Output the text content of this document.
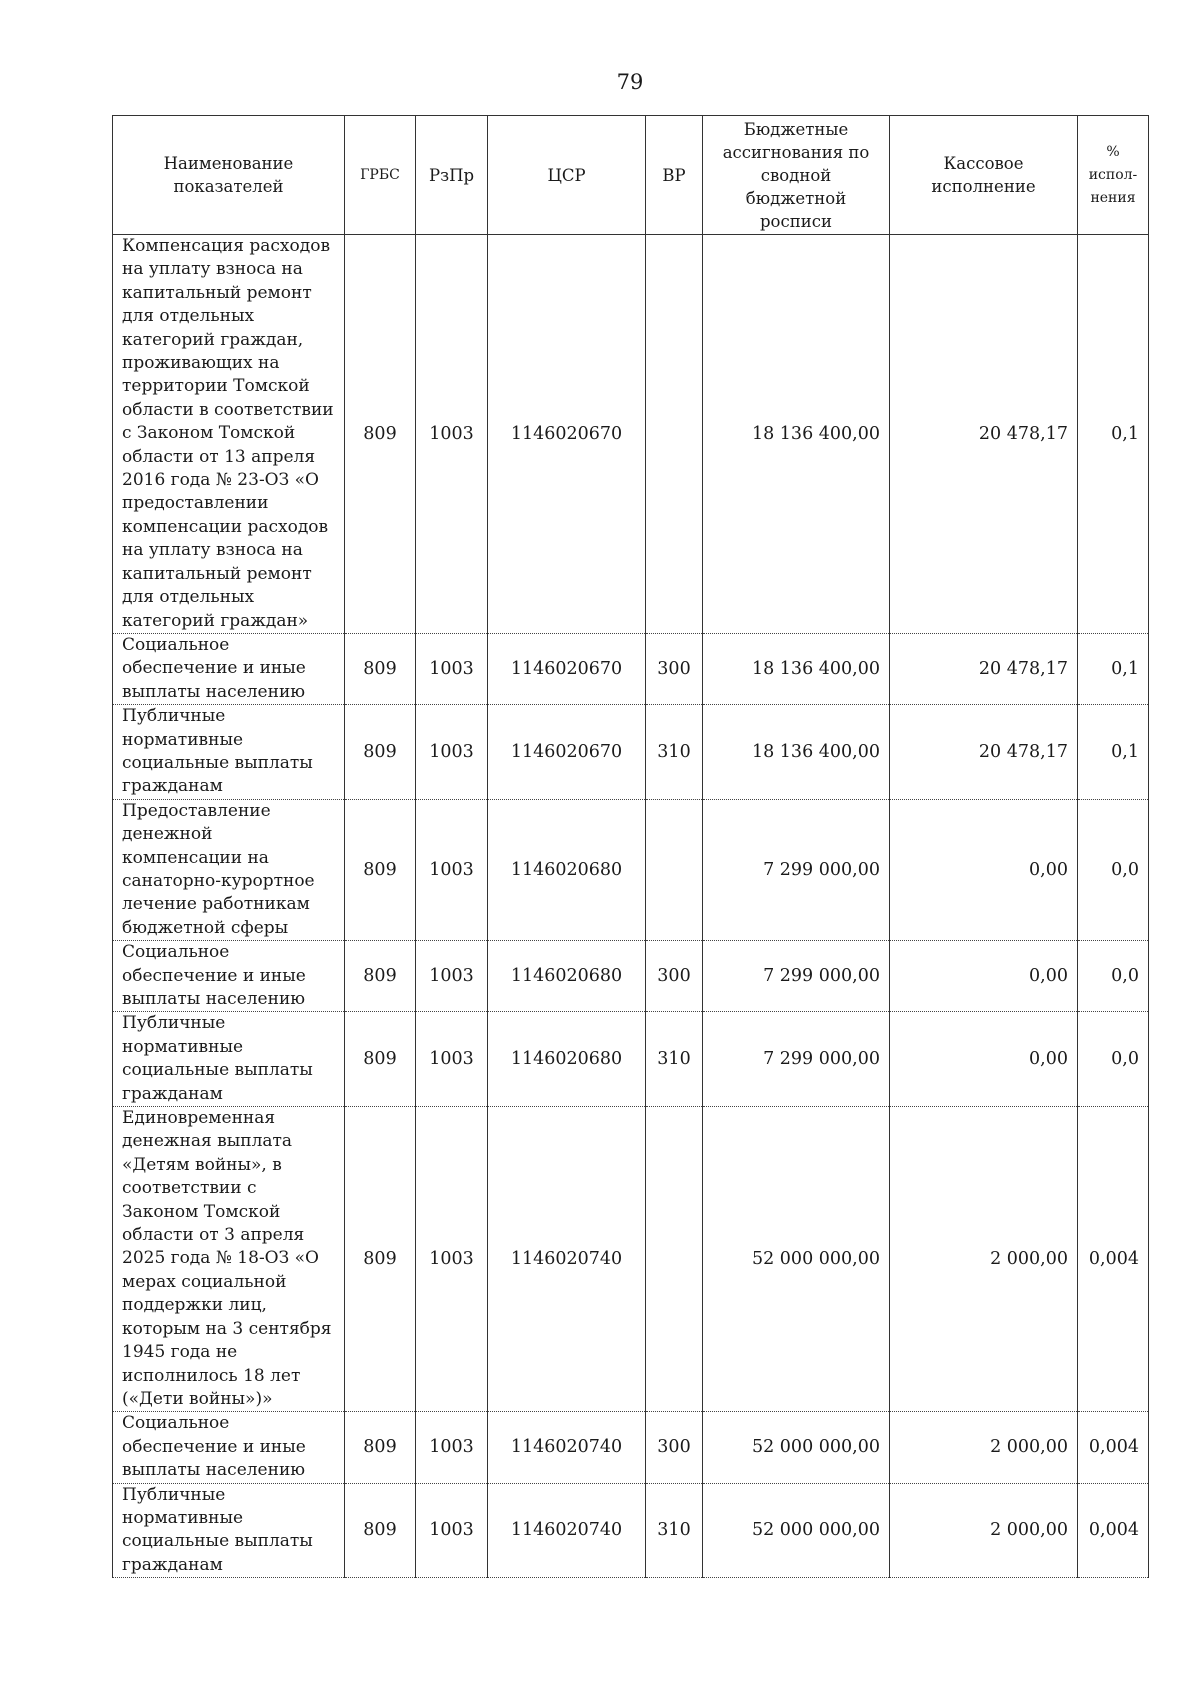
79
Наименование показателей	ГРБС	РзПр	ЦСР	ВР	Бюджетные ассигнования по сводной бюджетной росписи	Кассовое исполнение	% испол-нения
Компенсация расходов на уплату взноса на капитальный ремонт для отдельных категорий граждан, проживающих на территории Томской области в соответствии с Законом Томской области от 13 апреля 2016 года № 23-ОЗ «О предоставлении компенсации расходов на уплату взноса на капитальный ремонт для отдельных категорий граждан»	809	1003	1146020670		18 136 400,00	20 478,17	0,1
Социальное обеспечение и иные выплаты населению	809	1003	1146020670	300	18 136 400,00	20 478,17	0,1
Публичные нормативные социальные выплаты гражданам	809	1003	1146020670	310	18 136 400,00	20 478,17	0,1
Предоставление денежной компенсации на санаторно-курортное лечение работникам бюджетной сферы	809	1003	1146020680		7 299 000,00	0,00	0,0
Социальное обеспечение и иные выплаты населению	809	1003	1146020680	300	7 299 000,00	0,00	0,0
Публичные нормативные социальные выплаты гражданам	809	1003	1146020680	310	7 299 000,00	0,00	0,0
Единовременная денежная выплата «Детям войны», в соответствии с Законом Томской области от 3 апреля 2025 года № 18-ОЗ «О мерах социальной поддержки лиц, которым на 3 сентября 1945 года не исполнилось 18 лет («Дети войны»)»	809	1003	1146020740		52 000 000,00	2 000,00	0,004
Социальное обеспечение и иные выплаты населению	809	1003	1146020740	300	52 000 000,00	2 000,00	0,004
Публичные нормативные социальные выплаты гражданам	809	1003	1146020740	310	52 000 000,00	2 000,00	0,004
